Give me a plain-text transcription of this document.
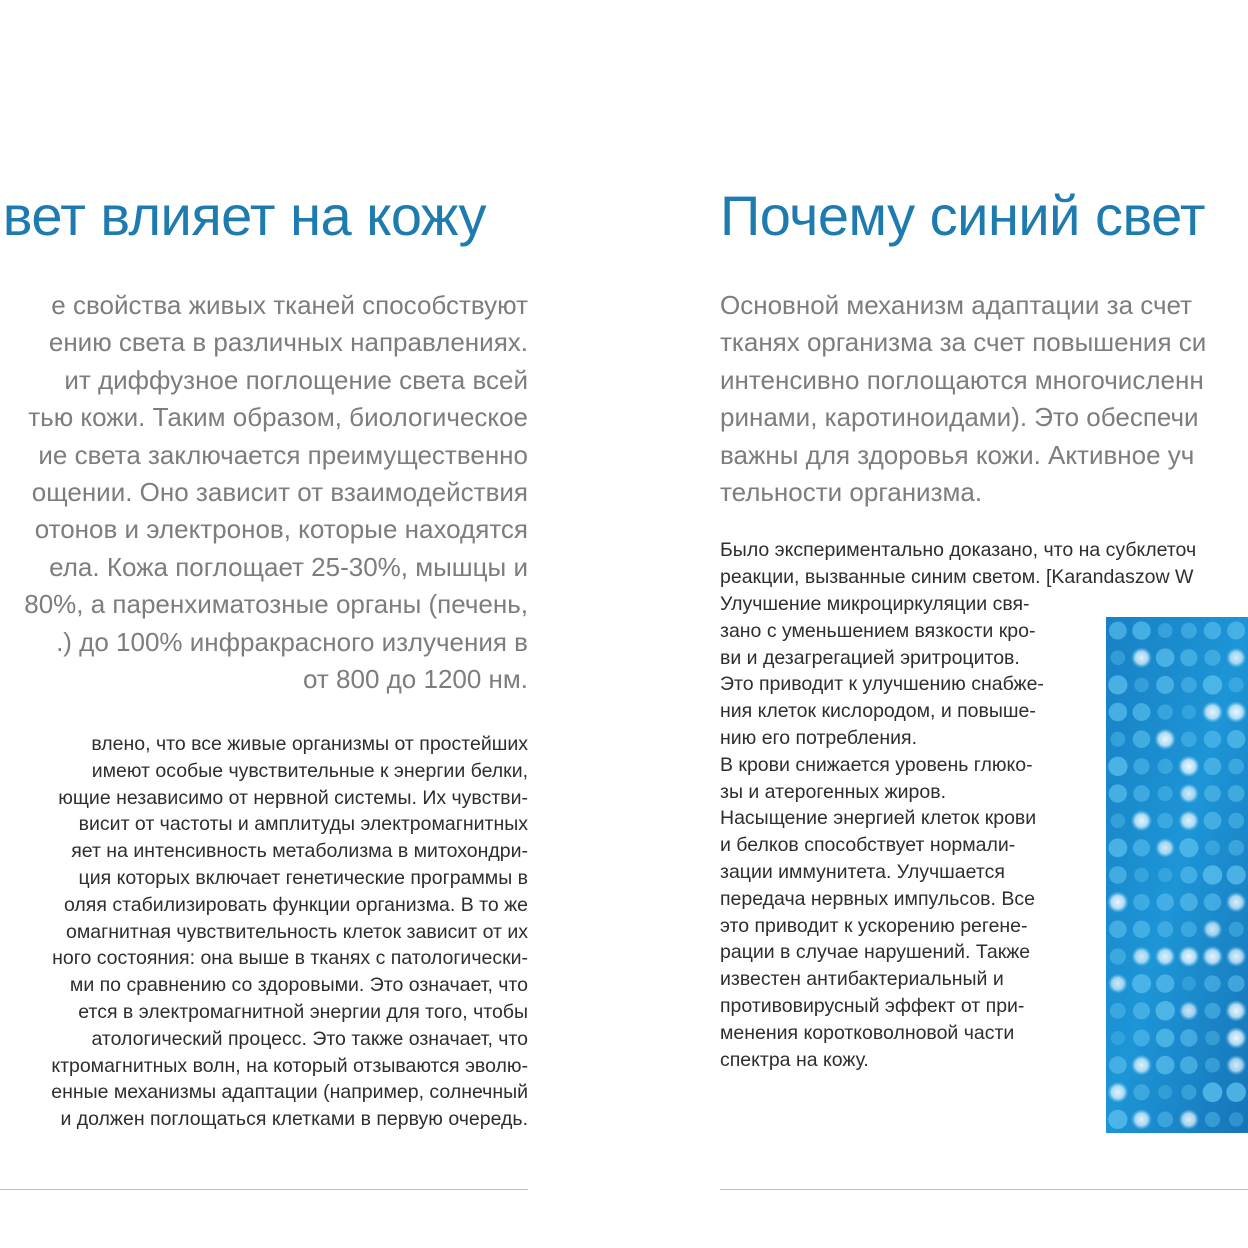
вет влияет на кожу
е свойства живых тканей способствуют
ению света в различных направлениях.
ит диффузное поглощение света всей
тью кожи. Таким образом, биологическое
ие света заключается преимущественно
ощении. Оно зависит от взаимодействия
отонов и электронов, которые находятся
ела. Кожа поглощает 25-30%, мышцы и
80%, а паренхиматозные органы (печень,
.) до 100% инфракрасного излучения в
от 800 до 1200 нм.
влено, что все живые организмы от простейших
имеют особые чувствительные к энергии белки,
ющие независимо от нервной системы. Их чувстви-
висит от частоты и амплитуды электромагнитных
яет на интенсивность метаболизма в митохондри-
ция которых включает генетические программы в
оляя стабилизировать функции организма. В то же
омагнитная чувствительность клеток зависит от их
ного состояния: она выше в тканях с патологически-
ми по сравнению со здоровыми. Это означает, что
ется в электромагнитной энергии для того, чтобы
атологический процесс. Это также означает, что
ктромагнитных волн, на который отзываются эволю-
енные механизмы адаптации (например, солнечный
и должен поглощаться клетками в первую очередь.
Почему синий свет
Основной механизм адаптации за счет
тканях организма за счет повышения си
интенсивно поглощаются многочисленн
ринами, каротиноидами). Это обеспечи
важны для здоровья кожи. Активное уч
тельности организма.
Было экспериментально доказано, что на субклеточ
реакции, вызванные синим светом. [Karandaszow W
Улучшение микроциркуляции свя-
зано с уменьшением вязкости кро-
ви и дезагрегацией эритроцитов.
Это приводит к улучшению снабже-
ния клеток кислородом, и повыше-
нию его потребления.
В крови снижается уровень глюко-
зы и атерогенных жиров.
Насыщение энергией клеток крови
и белков способствует нормали-
зации иммунитета. Улучшается
передача нервных импульсов. Все
это приводит к ускорению регене-
рации в случае нарушений. Также
известен антибактериальный и
противовирусный эффект от при-
менения коротковолновой части
спектра на кожу.
